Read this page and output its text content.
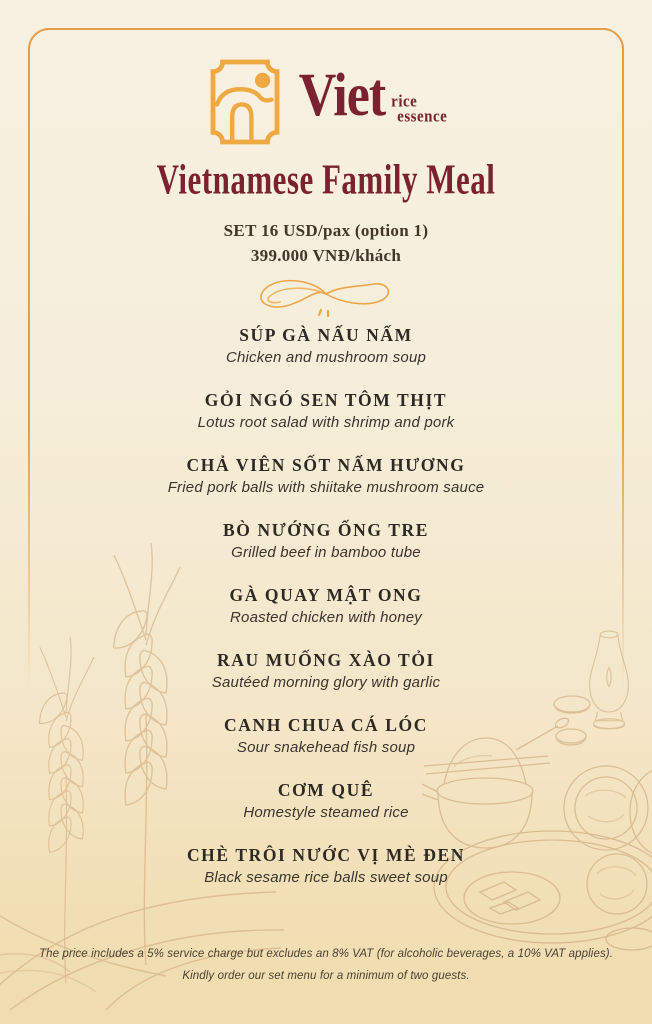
Viet rice
essence
Vietnamese Family Meal
SET 16 USD/pax (option 1)
399.000 VNĐ/khách
SÚP GÀ NẤU NẤM

Chicken and mushroom soup

GỎI NGÓ SEN TÔM THỊT

Lotus root salad with shrimp and pork

CHẢ VIÊN SỐT NẤM HƯƠNG

Fried pork balls with shiitake mushroom sauce

BÒ NƯỚNG ỐNG TRE

Grilled beef in bamboo tube

GÀ QUAY MẬT ONG

Roasted chicken with honey

RAU MUỐNG XÀO TỎI

Sautéed morning glory with garlic

CANH CHUA CÁ LÓC

Sour snakehead fish soup

CƠM QUÊ

Homestyle steamed rice

CHÈ TRÔI NƯỚC VỊ MÈ ĐEN

Black sesame rice balls sweet soup

The price includes a 5% service charge but excludes an 8% VAT (for alcoholic beverages, a 10% VAT applies).

Kindly order our set menu for a minimum of two guests.
